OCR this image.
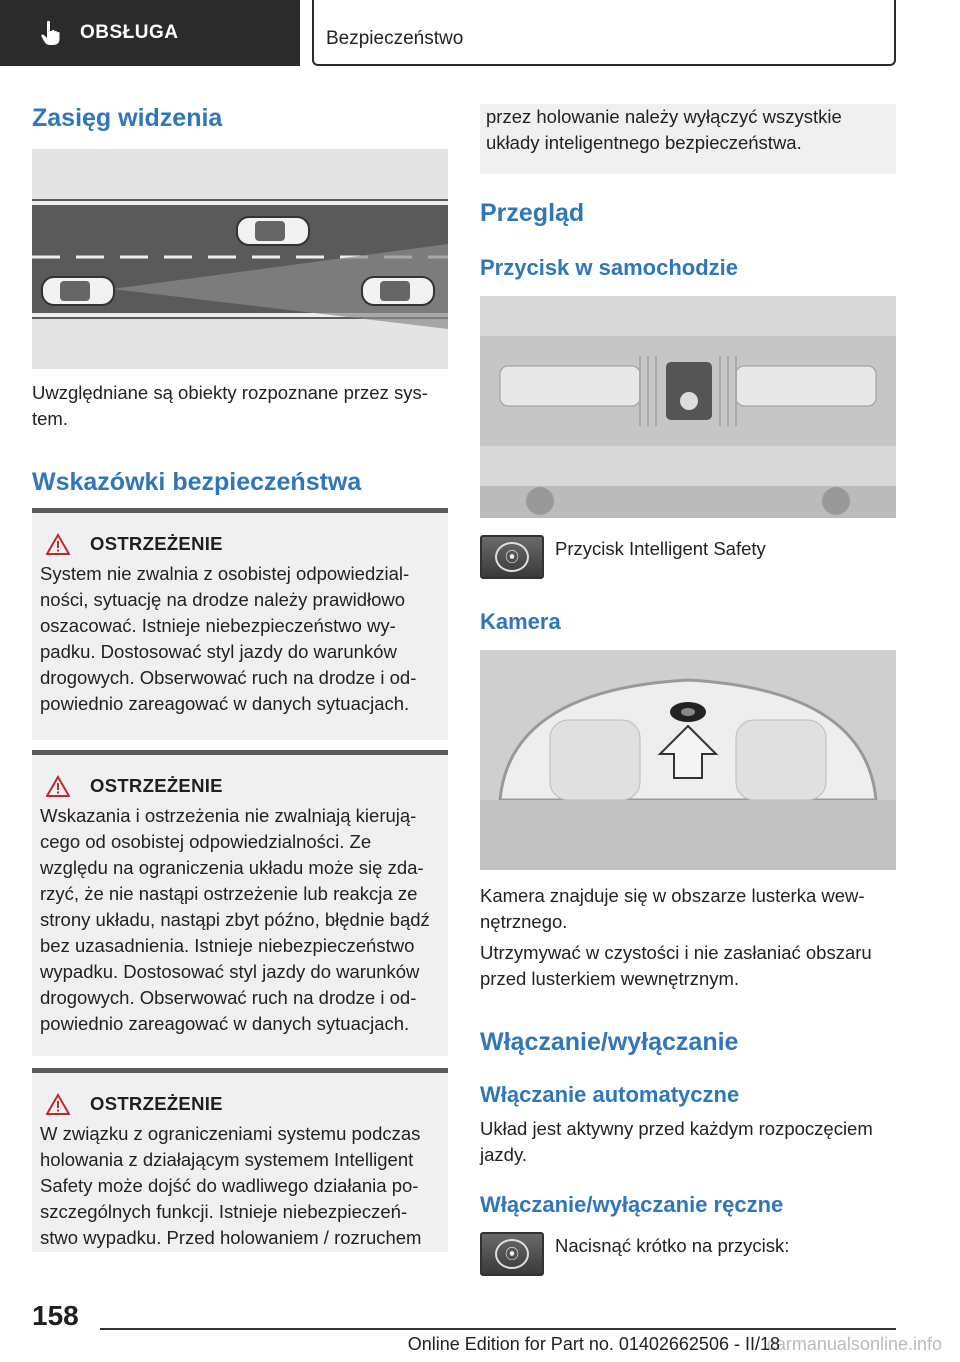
OBSŁUGA	Bezpieczeństwo
Zasięg widzenia
Uwzględniane są obiekty rozpoznane przez sys-
tem.
Wskazówki bezpieczeństwa
OSTRZEŻENIE
System nie zwalnia z osobistej odpowiedzial-
ności, sytuację na drodze należy prawidłowo
oszacować. Istnieje niebezpieczeństwo wy-
padku. Dostosować styl jazdy do warunków
drogowych. Obserwować ruch na drodze i od-
powiednio zareagować w danych sytuacjach.
OSTRZEŻENIE
Wskazania i ostrzeżenia nie zwalniają kierują-
cego od osobistej odpowiedzialności. Ze
względu na ograniczenia układu może się zda-
rzyć, że nie nastąpi ostrzeżenie lub reakcja ze
strony układu, nastąpi zbyt późno, błędnie bądź
bez uzasadnienia. Istnieje niebezpieczeństwo
wypadku. Dostosować styl jazdy do warunków
drogowych. Obserwować ruch na drodze i od-
powiednio zareagować w danych sytuacjach.
OSTRZEŻENIE
W związku z ograniczeniami systemu podczas
holowania z działającym systemem Intelligent
Safety może dojść do wadliwego działania po-
szczególnych funkcji. Istnieje niebezpieczeń-
stwo wypadku. Przed holowaniem / rozruchem
przez holowanie należy wyłączyć wszystkie
układy inteligentnego bezpieczeństwa.
Przegląd
Przycisk w samochodzie
⦿	Przycisk Intelligent Safety
Kamera
Kamera znajduje się w obszarze lusterka wew-
nętrznego.
Utrzymywać w czystości i nie zasłaniać obszaru
przed lusterkiem wewnętrznym.
Włączanie/wyłączanie
Włączanie automatyczne
Układ jest aktywny przed każdym rozpoczęciem
jazdy.
Włączanie/wyłączanie ręczne
⦿	Nacisnąć krótko na przycisk:
158
carmanualsonline.info
Online Edition for Part no. 01402662506 - II/18
